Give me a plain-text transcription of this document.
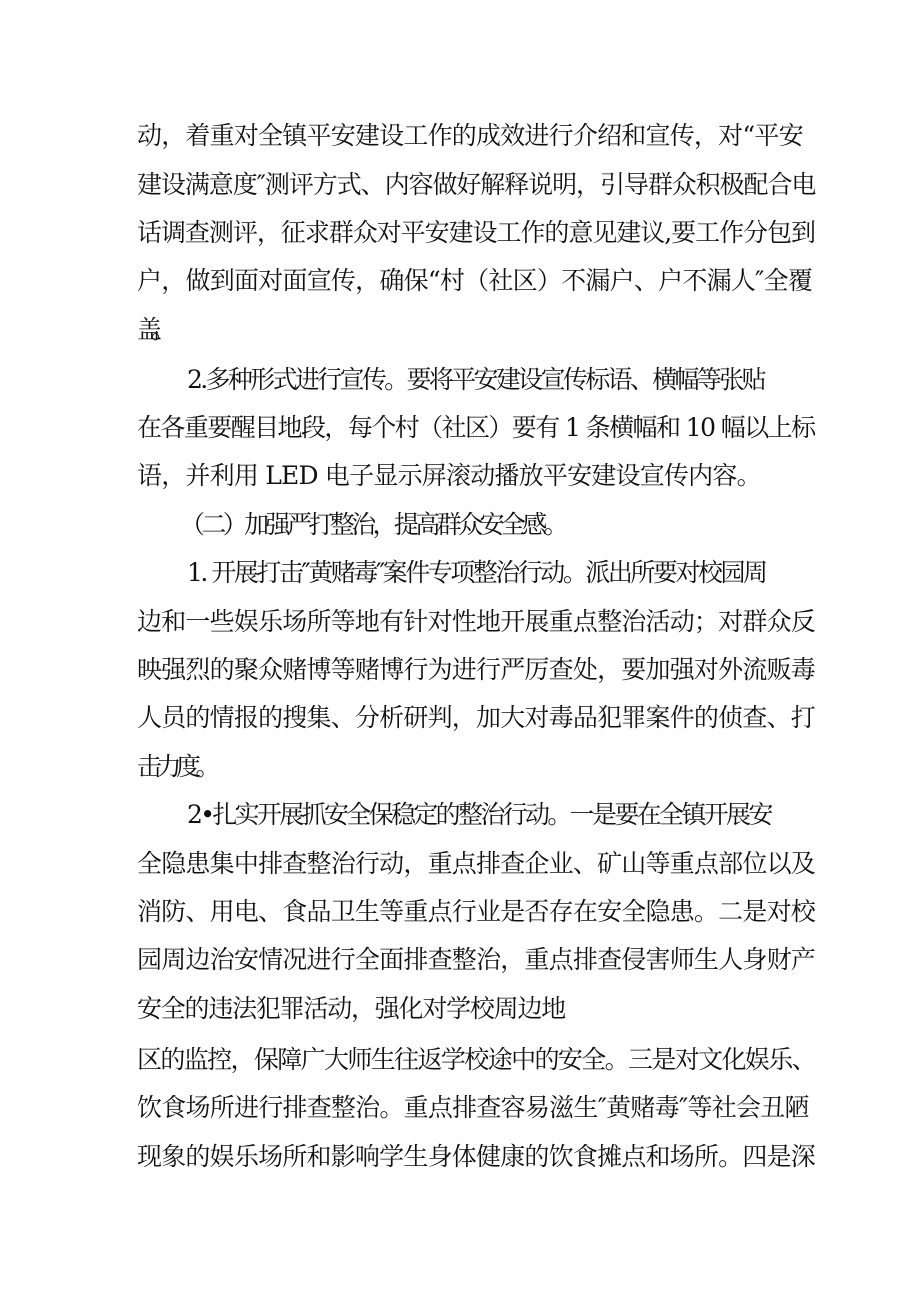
动，着重对全镇平安建设工作的成效进行介绍和宣传，对“平安
建设满意度″测评方式、内容做好解释说明，引导群众积极配合电
话调查测评，征求群众对平安建设工作的意见建议,要工作分包到
户，做到面对面宣传，确保“村（社区）不漏户、户不漏人″全覆
盖。
2.多种形式进行宣传。要将平安建设宣传标语、横幅等张贴
在各重要醒目地段，每个村（社区）要有 1 条横幅和 10 幅以上标
语，并利用 LED 电子显示屏滚动播放平安建设宣传内容。
（二）加强严打整治，提高群众安全感。
1. 开展打击″黄赌毒″案件专项整治行动。派出所要对校园周
边和一些娱乐场所等地有针对性地开展重点整治活动；对群众反
映强烈的聚众赌博等赌博行为进行严厉查处，要加强对外流贩毒
人员的情报的搜集、分析研判，加大对毒品犯罪案件的侦查、打
击力度。
2•扎实开展抓安全保稳定的整治行动。一是要在全镇开展安
全隐患集中排查整治行动，重点排查企业、矿山等重点部位以及
消防、用电、食品卫生等重点行业是否存在安全隐患。二是对校
园周边治安情况进行全面排查整治，重点排查侵害师生人身财产
安全的违法犯罪活动，强化对学校周边地
区的监控，保障广大师生往返学校途中的安全。三是对文化娱乐、
饮食场所进行排查整治。重点排查容易滋生″黄赌毒″等社会丑陋
现象的娱乐场所和影响学生身体健康的饮食摊点和场所。四是深
